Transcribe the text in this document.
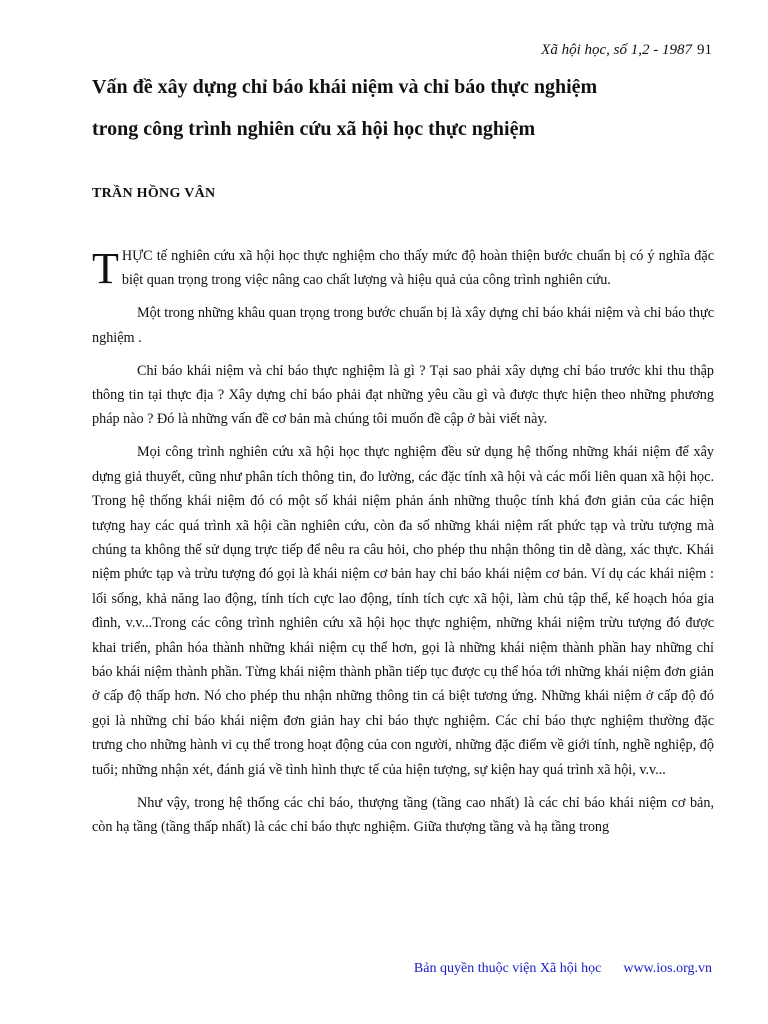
Xã hội học, số 1,2 - 1987 91
Vấn đề xây dựng chỉ báo khái niệm và chỉ báo thực nghiệm
trong công trình nghiên cứu xã hội học thực nghiệm
TRẦN HỒNG VÂN

THỰC tế nghiên cứu xã hội học thực nghiệm cho thấy mức độ hoàn thiện bước chuẩn bị có ý nghĩa đặc biệt quan trọng trong việc nâng cao chất lượng và hiệu quả của công trình nghiên cứu.

Một trong những khâu quan trọng trong bước chuẩn bị là xây dựng chỉ báo khái niệm và chỉ báo thực nghiệm .

Chỉ báo khái niệm và chỉ báo thực nghiệm là gì ? Tại sao phải xây dựng chỉ báo trước khi thu thập thông tin tại thực địa ? Xây dựng chỉ báo phải đạt những yêu cầu gì và được thực hiện theo những phương pháp nào ? Đó là những vấn đề cơ bản mà chúng tôi muốn đề cập ở bài viết này.

Mọi công trình nghiên cứu xã hội học thực nghiệm đều sử dụng hệ thống những khái niệm để xây dựng giả thuyết, cũng như phân tích thông tin, đo lường, các đặc tính xã hội và các mối liên quan xã hội học. Trong hệ thống khái niệm đó có một số khái niệm phản ánh những thuộc tính khá đơn giản của các hiện tượng hay các quá trình xã hội cần nghiên cứu, còn đa số những khái niệm rất phức tạp và trừu tượng mà chúng ta không thể sử dụng trực tiếp để nêu ra câu hỏi, cho phép thu nhận thông tin dễ dàng, xác thực. Khái niệm phức tạp và trừu tượng đó gọi là khái niệm cơ bản hay chỉ báo khái niệm cơ bản. Ví dụ các khái niệm : lối sống, khả năng lao động, tính tích cực lao động, tính tích cực xã hội, làm chủ tập thể, kế hoạch hóa gia đình, v.v...Trong các công trình nghiên cứu xã hội học thực nghiệm, những khái niệm trừu tượng đó được khai triển, phân hóa thành những khái niệm cụ thể hơn, gọi là những khái niệm thành phần hay những chỉ báo khái niệm thành phần. Từng khái niệm thành phần tiếp tục được cụ thể hóa tới những khái niệm đơn giản ở cấp độ thấp hơn. Nó cho phép thu nhận những thông tin cá biệt tương ứng. Những khái niệm ở cấp độ đó gọi là những chỉ báo khái niệm đơn giản hay chỉ báo thực nghiệm. Các chỉ báo thực nghiệm thường đặc trưng cho những hành vi cụ thể trong hoạt động của con người, những đặc điểm về giới tính, nghề nghiệp, độ tuổi; những nhận xét, đánh giá về tình hình thực tế của hiện tượng, sự kiện hay quá trình xã hội, v.v...

Như vậy, trong hệ thống các chỉ báo, thượng tầng (tầng cao nhất) là các chỉ báo khái niệm cơ bản, còn hạ tầng (tầng thấp nhất) là các chỉ báo thực nghiệm. Giữa thượng tầng và hạ tầng trong

Bản quyền thuộc viện Xã hội học www.ios.org.vn
